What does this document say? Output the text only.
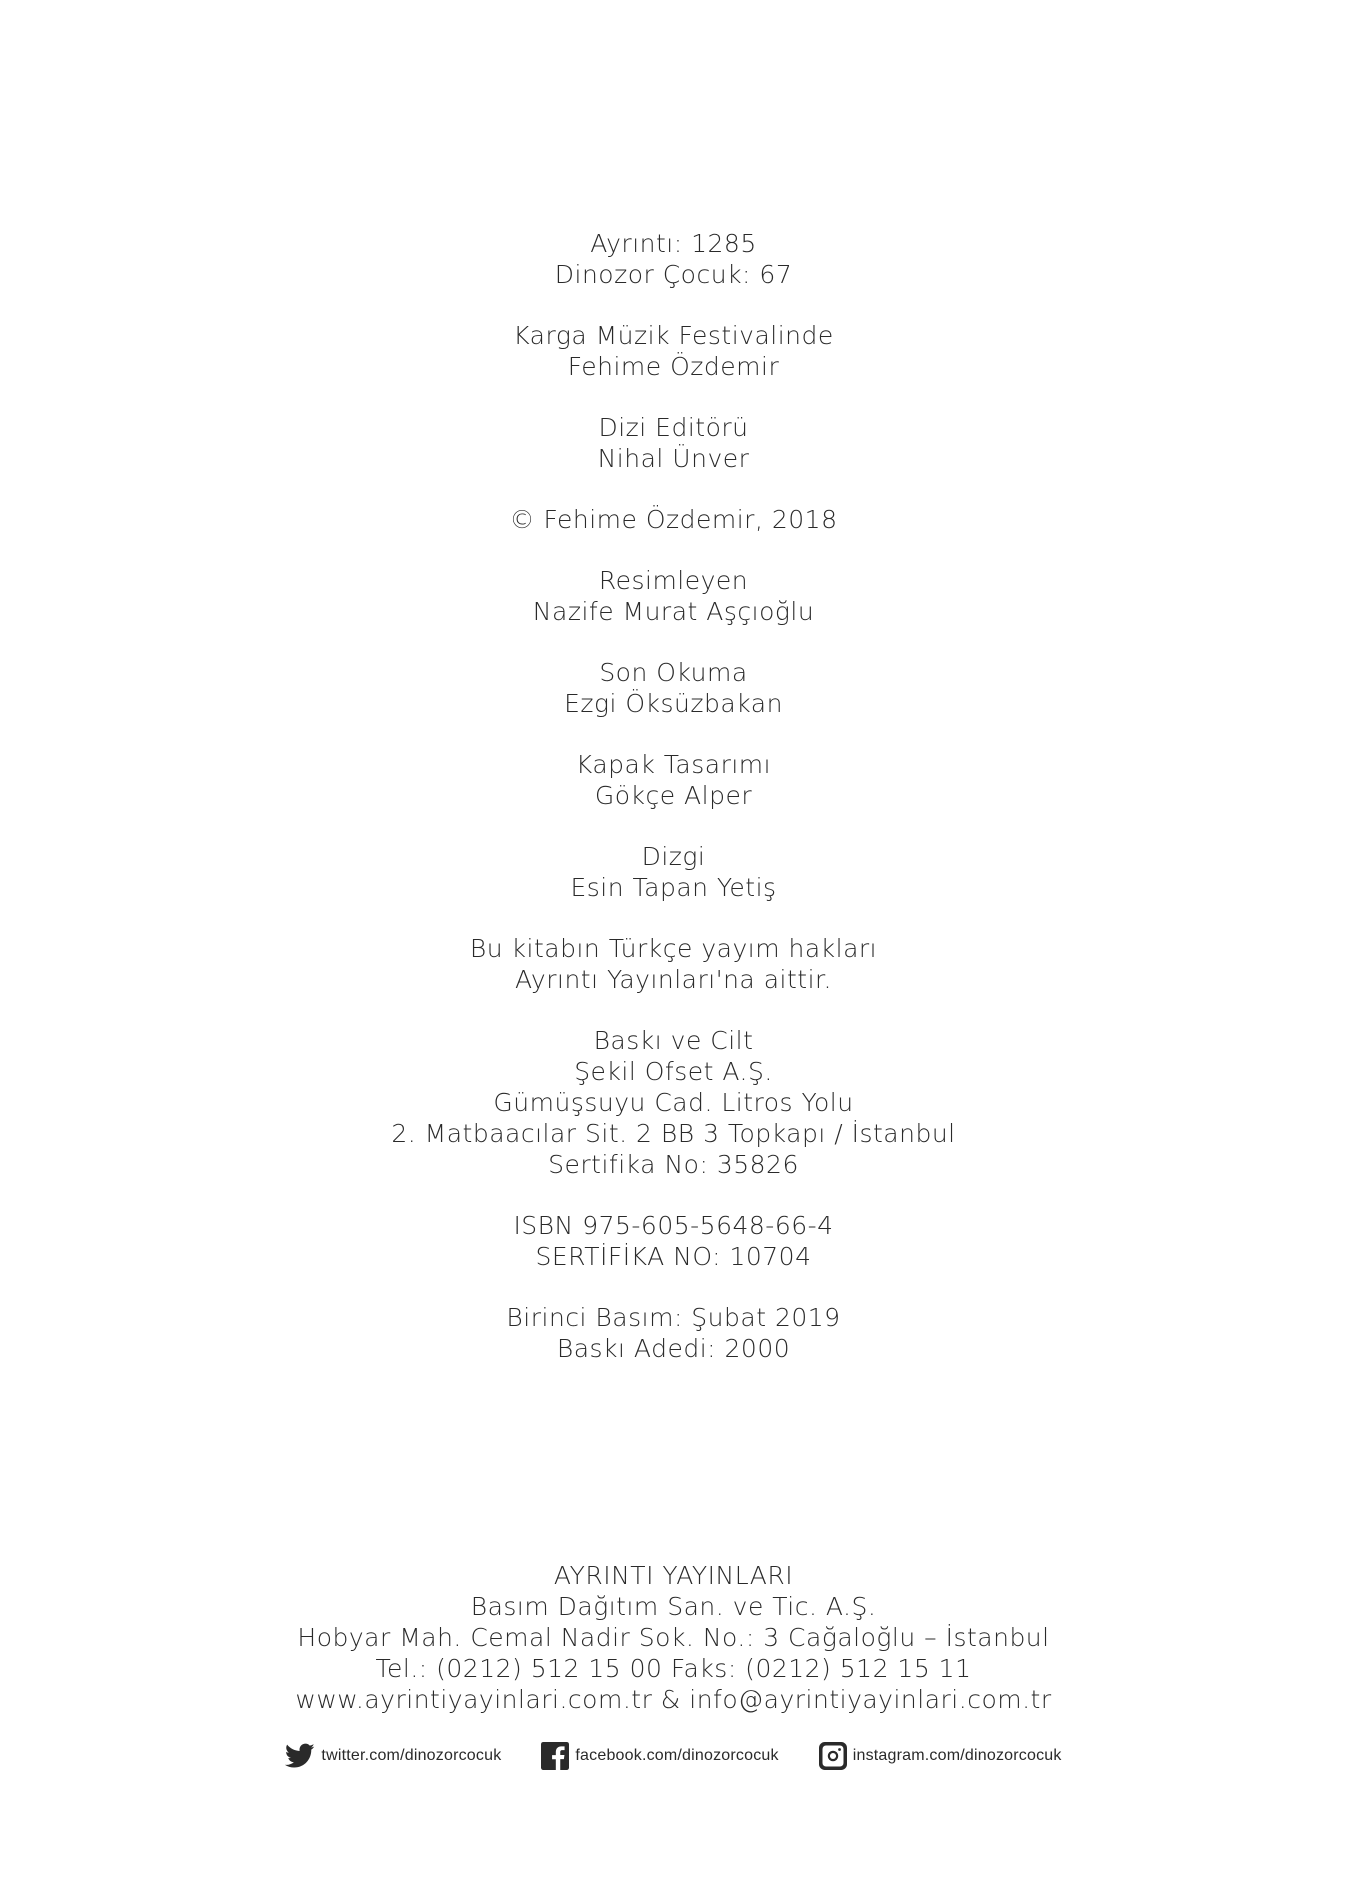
Ayrıntı: 1285
Dinozor Çocuk: 67
Karga Müzik Festivalinde
Fehime Özdemir
Dizi Editörü
Nihal Ünver
© Fehime Özdemir, 2018
Resimleyen
Nazife Murat Aşçıoğlu
Son Okuma
Ezgi Öksüzbakan
Kapak Tasarımı
Gökçe Alper
Dizgi
Esin Tapan Yetiş
Bu kitabın Türkçe yayım hakları
Ayrıntı Yayınları'na aittir.
Baskı ve Cilt
Şekil Ofset A.Ş.
Gümüşsuyu Cad. Litros Yolu
2. Matbaacılar Sit. 2 BB 3 Topkapı / İstanbul
Sertifika No: 35826
ISBN 975-605-5648-66-4
SERTİFİKA NO: 10704
Birinci Basım: Şubat 2019
Baskı Adedi: 2000
AYRINTI YAYINLARI
Basım Dağıtım San. ve Tic. A.Ş.
Hobyar Mah. Cemal Nadir Sok. No.: 3 Cağaloğlu – İstanbul
Tel.: (0212) 512 15 00 Faks: (0212) 512 15 11
www.ayrintiyayinlari.com.tr & info@ayrintiyayinlari.com.tr
twitter.com/dinozorcocuk	facebook.com/dinozorcocuk	instagram.com/dinozorcocuk
